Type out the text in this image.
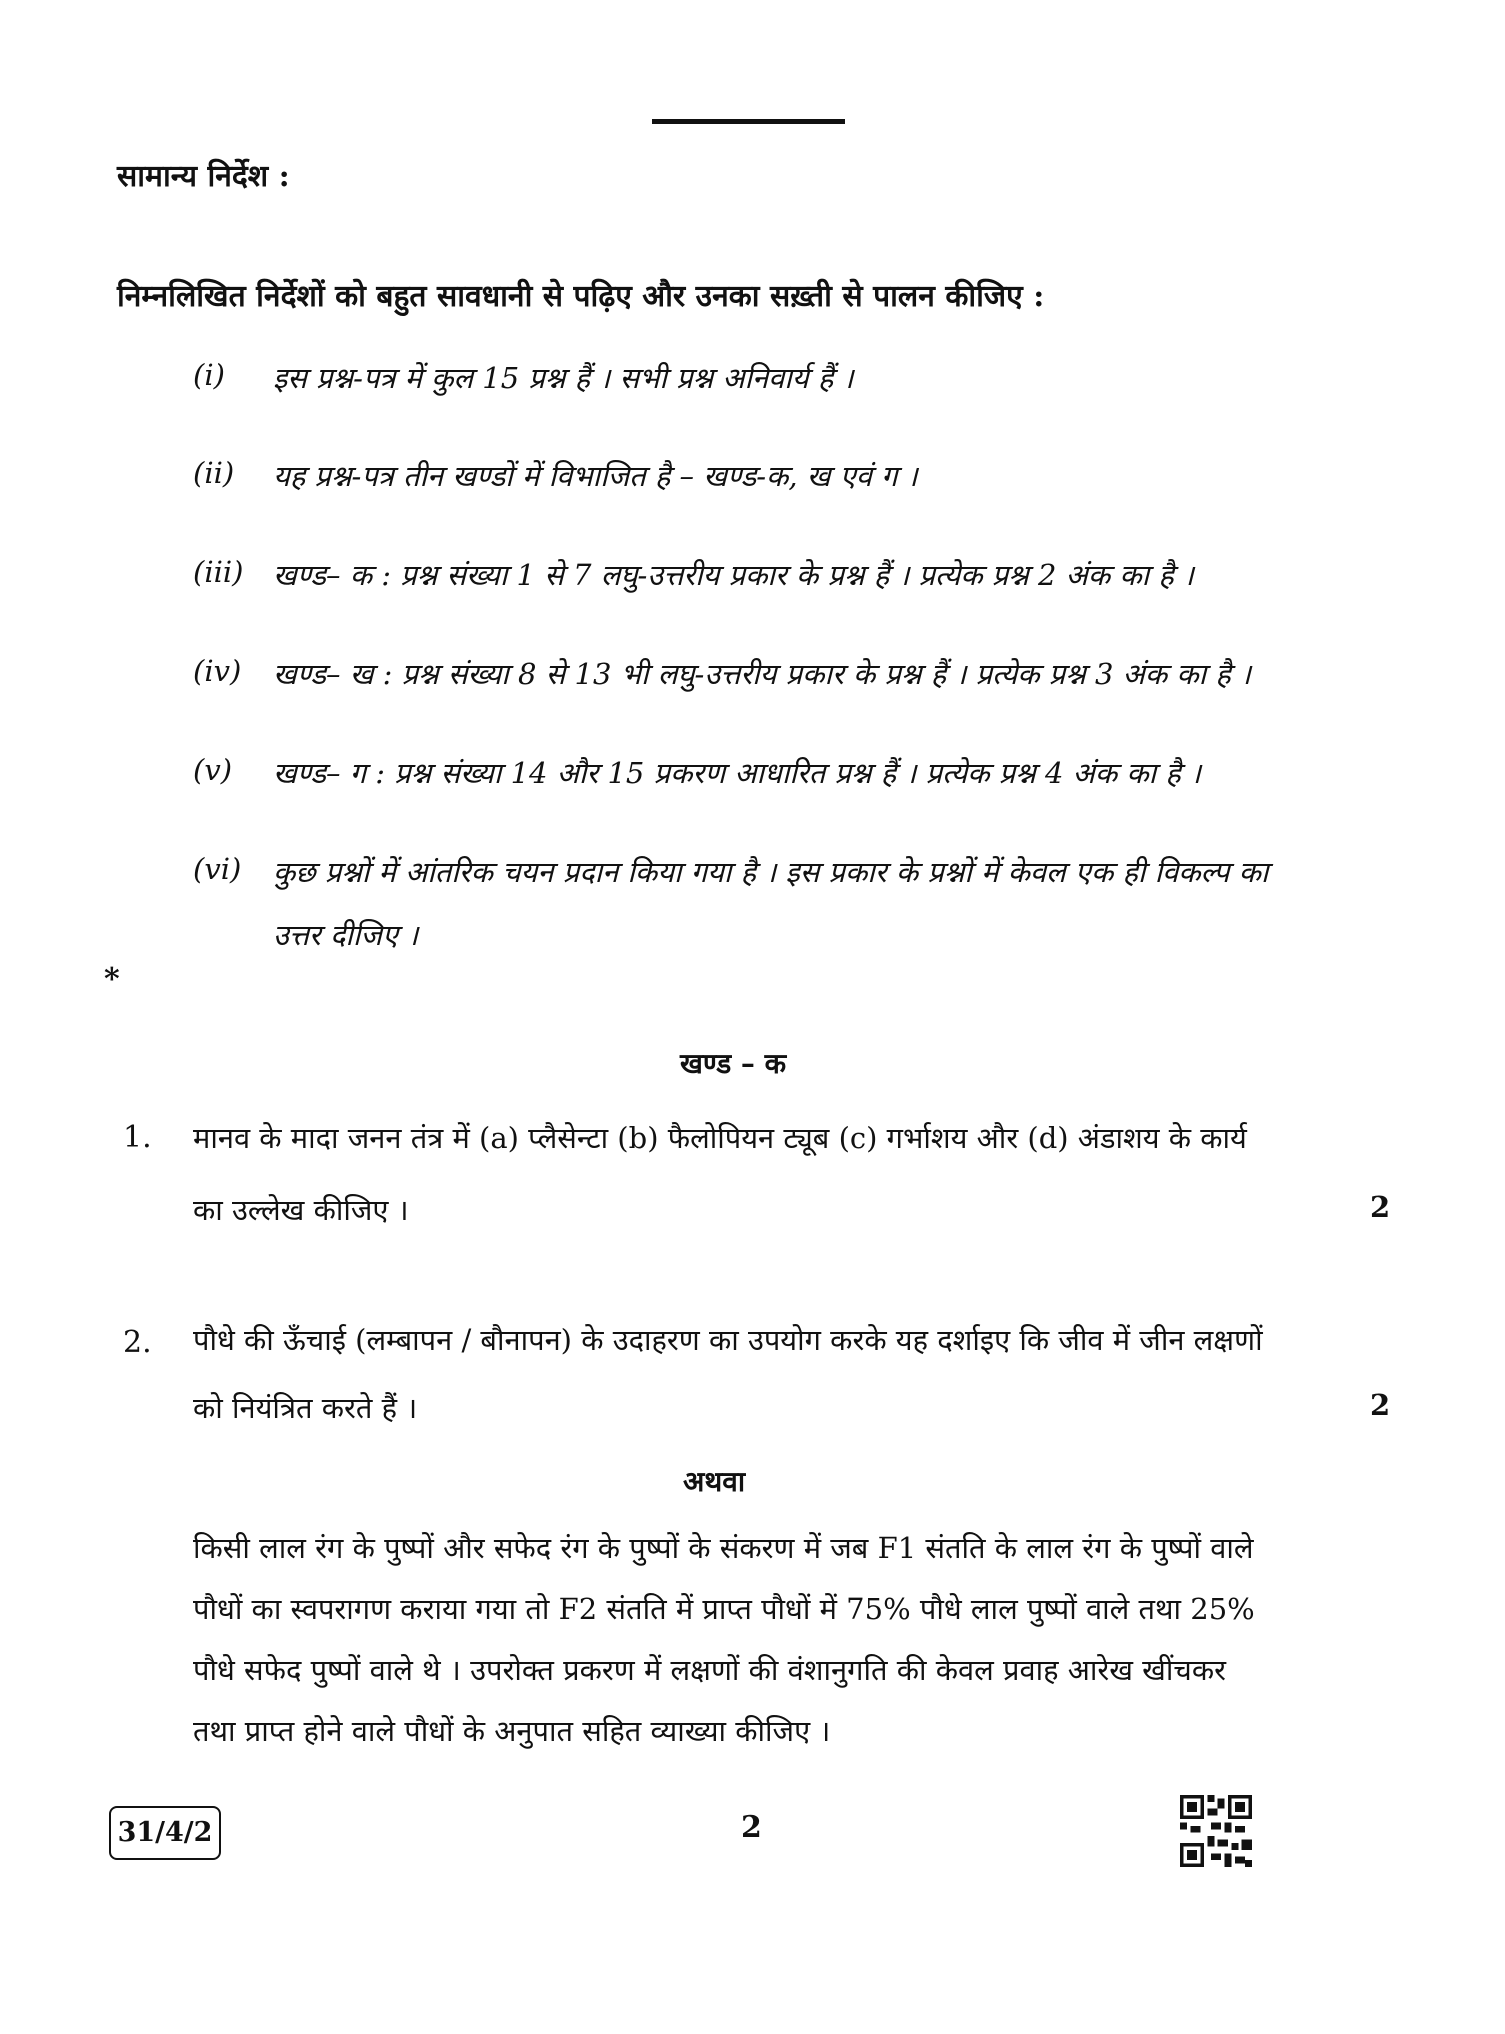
सामान्य निर्देश :
निम्नलिखित निर्देशों को बहुत सावधानी से पढ़िए और उनका सख़्ती से पालन कीजिए :
(i) इस प्रश्न-पत्र में कुल 15 प्रश्न हैं । सभी प्रश्न अनिवार्य हैं ।
(ii) यह प्रश्न-पत्र तीन खण्डों में विभाजित है – खण्ड-क, ख एवं ग ।
(iii) खण्ड– क : प्रश्न संख्या 1 से 7 लघु-उत्तरीय प्रकार के प्रश्न हैं । प्रत्येक प्रश्न 2 अंक का है ।
(iv) खण्ड– ख : प्रश्न संख्या 8 से 13 भी लघु-उत्तरीय प्रकार के प्रश्न हैं । प्रत्येक प्रश्न 3 अंक का है ।
(v) खण्ड– ग : प्रश्न संख्या 14 और 15 प्रकरण आधारित प्रश्न हैं । प्रत्येक प्रश्न 4 अंक का है ।
(vi) कुछ प्रश्नों में आंतरिक चयन प्रदान किया गया है । इस प्रकार के प्रश्नों में केवल एक ही विकल्प का
उत्तर दीजिए ।
*
खण्ड – क
1. मानव के मादा जनन तंत्र में (a) प्लैसेन्टा (b) फैलोपियन ट्यूब (c) गर्भाशय और (d) अंडाशय के कार्य
का उल्लेख कीजिए ।	2
2. पौधे की ऊँचाई (लम्बापन / बौनापन) के उदाहरण का उपयोग करके यह दर्शाइए कि जीव में जीन लक्षणों
को नियंत्रित करते हैं ।	2
अथवा
किसी लाल रंग के पुष्पों और सफेद रंग के पुष्पों के संकरण में जब F1 संतति के लाल रंग के पुष्पों वाले
पौधों का स्वपरागण कराया गया तो F2 संतति में प्राप्त पौधों में 75% पौधे लाल पुष्पों वाले तथा 25%
पौधे सफेद पुष्पों वाले थे । उपरोक्त प्रकरण में लक्षणों की वंशानुगति की केवल प्रवाह आरेख खींचकर
तथा प्राप्त होने वाले पौधों के अनुपात सहित व्याख्या कीजिए ।
31/4/2	2
